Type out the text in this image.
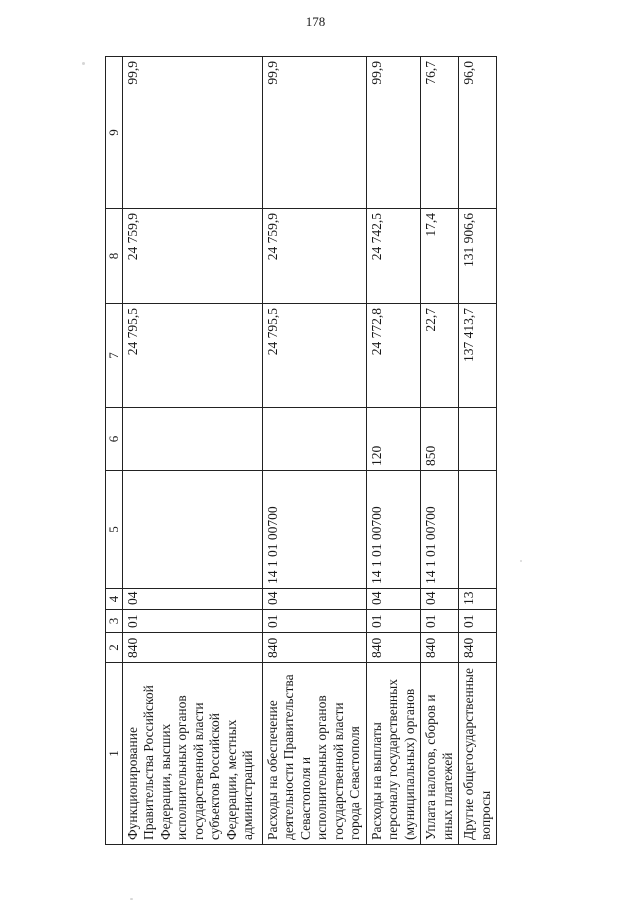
178
1	2	3	4	5	6	7	8	9
Функционирование Правительства Российской Федерации, высших исполнительных органов государственной власти субъектов Российской Федерации, местных администраций	840	01	04			24 795,5	24 759,9	99,9
Расходы на обеспечение деятельности Правительства Севастополя и исполнительных органов государственной власти города Севастополя	840	01	04	14 1 01 00700		24 795,5	24 759,9	99,9
Расходы на выплаты персоналу государственных (муниципальных) органов	840	01	04	14 1 01 00700	120	24 772,8	24 742,5	99,9
Уплата налогов, сборов и иных платежей	840	01	04	14 1 01 00700	850	22,7	17,4	76,7
Другие общегосударственные вопросы	840	01	13			137 413,7	131 906,6	96,0
